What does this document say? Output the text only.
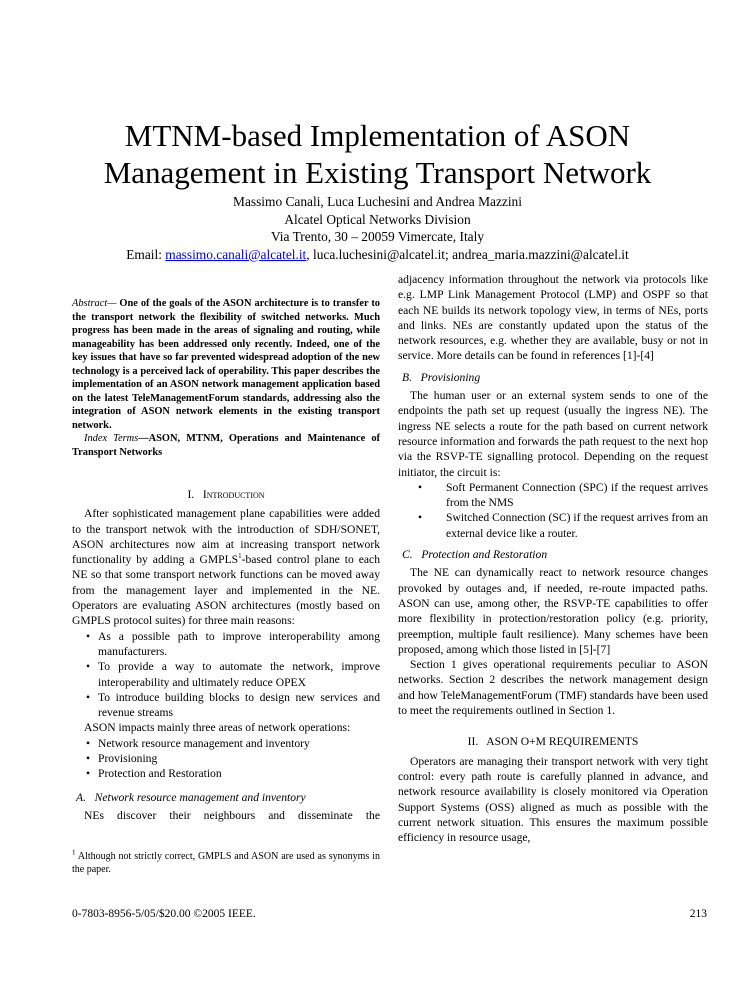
MTNM-based Implementation of ASON
Management in Existing Transport Network
Massimo Canali, Luca Luchesini and Andrea Mazzini
Alcatel Optical Networks Division
Via Trento, 30 – 20059 Vimercate, Italy
Email: massimo.canali@alcatel.it, luca.luchesini@alcatel.it; andrea_maria.mazzini@alcatel.it

Abstract— One of the goals of the ASON architecture is to transfer to the transport network the flexibility of switched networks. Much progress has been made in the areas of signaling and routing, while manageability has been addressed only recently. Indeed, one of the key issues that have so far prevented widespread adoption of the new technology is a perceived lack of operability. This paper describes the implementation of an ASON network management application based on the latest TeleManagementForum standards, addressing also the integration of ASON network elements in the existing transport network.

Index Terms—ASON, MTNM, Operations and Maintenance of Transport Networks

I. Introduction

After sophisticated management plane capabilities were added to the transport netwok with the introduction of SDH/SONET, ASON architectures now aim at increasing transport network functionality by adding a GMPLS$^1$-based control plane to each NE so that some transport network functions can be moved away from the management layer and implemented in the NE. Operators are evaluating ASON architectures (mostly based on GMPLS protocol suites) for three main reasons:

• As a possible path to improve interoperability among manufacturers.
• To provide a way to automate the network, improve interoperability and ultimately reduce OPEX
• To introduce building blocks to design new services and revenue streams

ASON impacts mainly three areas of network operations:

• Network resource management and inventory
• Provisioning
• Protection and Restoration
A.   Network resource management and inventory

NEs discover their neighbours and disseminate the

$^1$ Although not strictly correct, GMPLS and ASON are used as synonyms in the paper.

adjacency information throughout the network via protocols like e.g. LMP Link Management Protocol (LMP) and OSPF so that each NE builds its network topology view, in terms of NEs, ports and links. NEs are constantly updated upon the status of the network resources, e.g. whether they are available, busy or not in service. More details can be found in references [1]-[4]

B.   Provisioning

The human user or an external system sends to one of the endpoints the path set up request (usually the ingress NE). The ingress NE selects a route for the path based on current network resource information and forwards the path request to the next hop via the RSVP-TE signalling protocol. Depending on the request initiator, the circuit is:

• Soft Permanent Connection (SPC) if the request arrives from the NMS
• Switched Connection (SC) if the request arrives from an external device like a router.
C.   Protection and Restoration

The NE can dynamically react to network resource changes provoked by outages and, if needed, re-route impacted paths. ASON can use, among other, the RSVP-TE capabilities to offer more flexibility in protection/restoration policy (e.g. priority, preemption, multiple fault resilience). Many schemes have been proposed, among which those listed in [5]-[7]

Section 1 gives operational requirements peculiar to ASON networks. Section 2 describes the network management design and how TeleManagementForum (TMF) standards have been used to meet the requirements outlined in Section 1.

II.   ASON O+M REQUIREMENTS

Operators are managing their transport network with very tight control: every path route is carefully planned in advance, and network resource availability is closely monitored via Operation Support Systems (OSS) aligned as much as possible with the current network situation. This ensures the maximum possible efficiency in resource usage,

0-7803-8956-5/05/$20.00 ©2005 IEEE.	213
